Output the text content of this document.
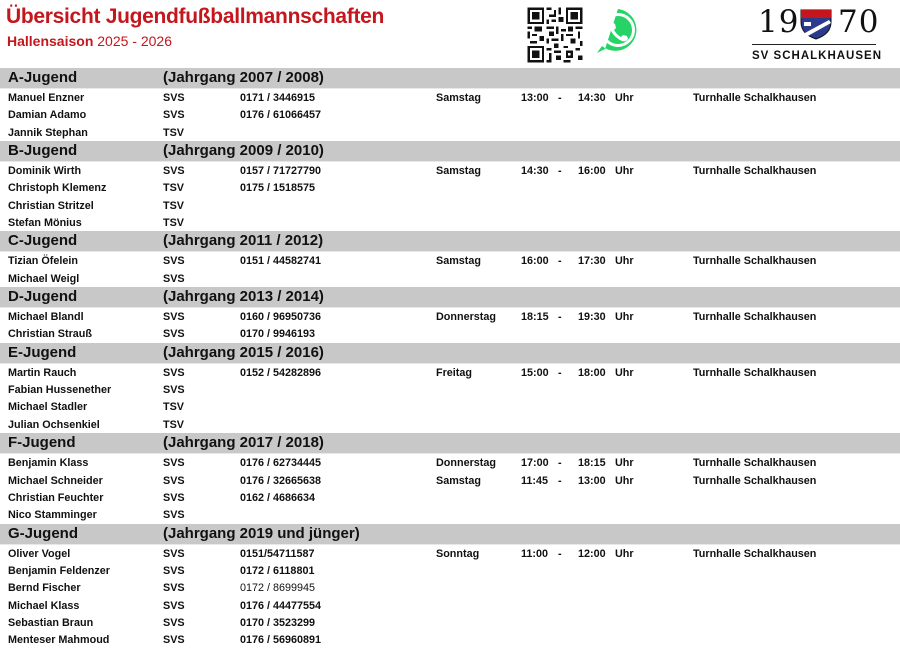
Übersicht Jugendfußballmannschaften
Hallensaison 2025 - 2026
19 70
SV SCHALKHAUSEN
A-Jugend	(Jahrgang 2007 / 2008)
Manuel Enzner	SVS	0171 / 3446915	Samstag	13:00 - 14:30 Uhr	Turnhalle Schalkhausen
Damian Adamo	SVS	0176 / 61066457
Jannik Stephan	TSV
B-Jugend	(Jahrgang 2009 / 2010)
Dominik Wirth	SVS	0157 / 71727790	Samstag	14:30 - 16:00 Uhr	Turnhalle Schalkhausen
Christoph Klemenz	TSV	0175 / 1518575
Christian Stritzel	TSV
Stefan Mönius	TSV
C-Jugend	(Jahrgang 2011 / 2012)
Tizian Öfelein	SVS	0151 / 44582741	Samstag	16:00 - 17:30 Uhr	Turnhalle Schalkhausen
Michael Weigl	SVS
D-Jugend	(Jahrgang 2013 / 2014)
Michael Blandl	SVS	0160 / 96950736	Donnerstag 18:15 - 19:30 Uhr	Turnhalle Schalkhausen
Christian Strauß	SVS	0170 / 9946193
E-Jugend	(Jahrgang 2015 / 2016)
Martin Rauch	SVS	0152 / 54282896	Freitag	15:00 - 18:00 Uhr	Turnhalle Schalkhausen
Fabian Hussenether	SVS
Michael Stadler	TSV
Julian Ochsenkiel	TSV
F-Jugend	(Jahrgang 2017 / 2018)
Benjamin Klass	SVS	0176 / 62734445	Donnerstag 17:00 - 18:15 Uhr	Turnhalle Schalkhausen
Michael Schneider	SVS	0176 / 32665638	Samstag	11:45 - 13:00 Uhr	Turnhalle Schalkhausen
Christian Feuchter	SVS	0162 / 4686634
Nico Stamminger	SVS
G-Jugend	(Jahrgang 2019 und jünger)
Oliver Vogel	SVS	0151/54711587	Sonntag	11:00 - 12:00 Uhr	Turnhalle Schalkhausen
Benjamin Feldenzer	SVS	0172 / 6118801
Bernd Fischer	SVS	0172 / 8699945
Michael Klass	SVS	0176 / 44477554
Sebastian Braun	SVS	0170 / 3523299
Menteser Mahmoud	SVS	0176 / 56960891
